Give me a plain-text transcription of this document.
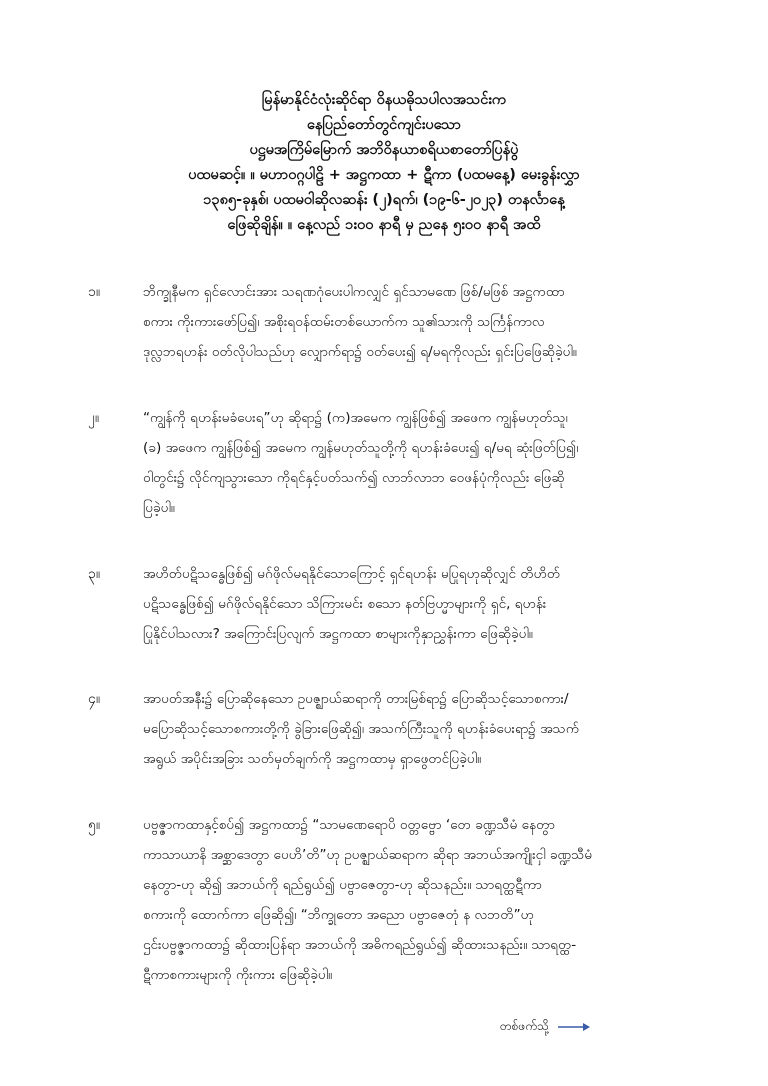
မြန်မာနိုင်ငံလုံးဆိုင်ရာ ဝိနယဓိုသပါလအသင်းက
နေပြည်တော်တွင်ကျင်းပသော
ပဋ္ဌမအကြိမ်မြောက် အဘိဝိနယာစရိယစာတော်ပြန်ပွဲ
ပထမဆင့်။ ။ မဟာဝဂ္ဂပါဠိ + အဋ္ဌကထာ + ဋီကာ (ပထမနေ့) မေးခွန်းလွှာ
၁၃၈၅-ခုနှစ်၊ ပထမဝါဆိုလဆန်း (၂)ရက်၊ (၁၉-၆-၂၀၂၃) တနင်္လာနေ့
ဖြေဆိုချိန်။ ။ နေ့လည် ၁း၀၀ နာရီ မှ ညနေ ၅း၀၀ နာရီ အထိ
၁။	ဘိက္ခုနီမက ရှင်လောင်းအား သရဏဂုံပေးပါကလျှင် ရှင်သာမဏေ ဖြစ်/မဖြစ် အဋ္ဌကထာ
စကား ကိုးကားဖော်ပြ၍၊ အစိုးရဝန်ထမ်းတစ်ယောက်က သူ၏သားကို သင်္ကြန်ကာလ
ဒုလ္လဘရဟန်း ဝတ်လိုပါသည်ဟု လျှောက်ရာ၌ ဝတ်ပေး၍ ရ/မရကိုလည်း ရှင်းပြဖြေဆိုခဲ့ပါ။
၂။	“ကျွန်ကို ရဟန်းမခံပေးရ”ဟု ဆိုရာ၌ (က)အမေက ကျွန်ဖြစ်၍ အဖေက ကျွန်မဟုတ်သူ၊
(ခ) အဖေက ကျွန်ဖြစ်၍ အမေက ကျွန်မဟုတ်သူတို့ကို ရဟန်းခံပေး၍ ရ/မရ ဆုံးဖြတ်ပြ၍၊
ဝါတွင်း၌ လိုင်ကျသွားသော ကိုရင်နှင့်ပတ်သက်၍ လာဘ်လာဘ ဝေဖန်ပုံကိုလည်း ဖြေဆို
ပြခဲ့ပါ။
၃။	အဟိတ်ပဋိသန္ဓေဖြစ်၍ မဂ်ဖိုလ်မရနိုင်သောကြောင့် ရှင်ရဟန်း မပြုရဟုဆိုလျှင် တိဟိတ်
ပဋိသန္ဓေဖြစ်၍ မဂ်ဖိုလ်ရနိုင်သော သိကြားမင်း စသော နတ်ဗြဟ္မာများကို ရှင်, ရဟန်း
ပြုနိုင်ပါသလား? အကြောင်းပြလျက် အဋ္ဌကထာ စာများကိုနှာညွှန်းကာ ဖြေဆိုခဲ့ပါ။
၄။	အာပတ်အနီး၌ ပြောဆိုနေသော ဥပဇ္ဈာယ်ဆရာကို တားမြစ်ရာ၌ ပြောဆိုသင့်သောစကား/
မပြောဆိုသင့်သောစကားတို့ကို ခွဲခြားဖြေဆို၍၊ အသက်ကြီးသူကို ရဟန်းခံပေးရာ၌ အသက်
အရွယ် အပိုင်းအခြား သတ်မှတ်ချက်ကို အဋ္ဌကထာမှ ရှာဖွေတင်ပြခဲ့ပါ။
၅။	ပဗ္ဗဇ္ဇာကထာနှင့်စပ်၍ အဋ္ဌကထာ၌ “သာမဏေရောပိ ဝတ္တဗ္ဗော ‘တေ ခဏ္ဍသီမံ နေတွာ
ကာသာယာနိ အစ္ဆာဒေတွာ ပေဟိ’တိ”ဟု ဥပဇ္ဈာယ်ဆရာက ဆိုရာ အဘယ်အကျိုးငှါ ခဏ္ဍသီမံ
နေတွာ-ဟု ဆို၍ အဘယ်ကို ရည်ရွယ်၍ ပဗ္ဗာဇေတွာ-ဟု ဆိုသနည်း။ သာရတ္ထဋီကာ
စကားကို ထောက်ကာ ဖြေဆို၍၊ “ဘိက္ခုတော အညော ပဗ္ဗာဇေတုံ န လဘတိ”ဟု
ဌင်းပဗ္ဗဇ္ဇာကထာ၌ ဆိုထားပြန်ရာ အဘယ်ကို အဓိကရည်ရွယ်၍ ဆိုထားသနည်း။ သာရတ္ထ-
ဋီကာစကားများကို ကိုးကား ဖြေဆိုခဲ့ပါ။
တစ်ဖက်သို့
